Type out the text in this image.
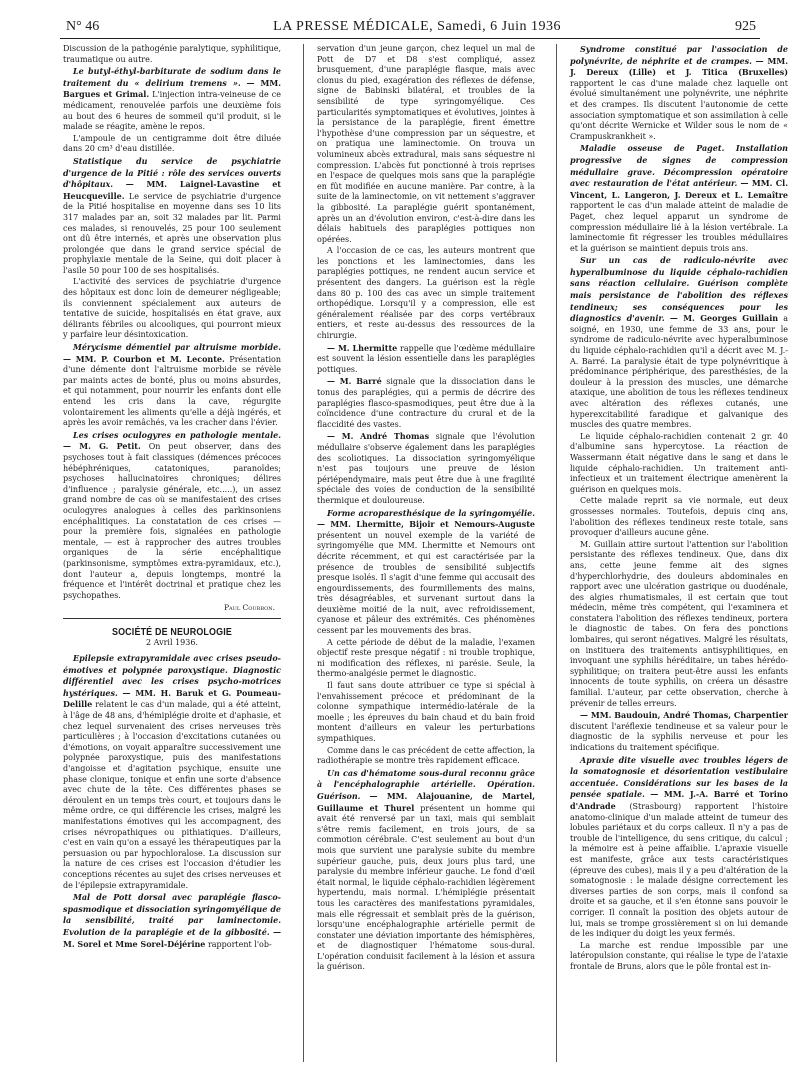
N° 46	LA PRESSE MÉDICALE, Samedi, 6 Juin 1936	925

Discussion de la pathogénie paralytique, syphilitique, traumatique ou autre.

Le butyl-éthyl-barbiturate de sodium dans le traitement du « delirium tremens ». — MM. Bargues et Grimal. L'injection intra-veineuse de ce médicament, renouvelée parfois une deuxième fois au bout des 6 heures de sommeil qu'il produit, si le malade se réagite, amène le repos.

L'ampoule de un centigramme doit être diluée dans 20 cm³ d'eau distillée.

Statistique du service de psychiatrie d'urgence de la Pitié : rôle des services ouverts d'hôpitaux. — MM. Laignel-Lavastine et Heucqueville. Le service de psychiatrie d'urgence de la Pitié hospitalise en moyenne dans ses 10 lits 317 malades par an, soit 32 malades par lit. Parmi ces malades, si renouvelés, 25 pour 100 seulement ont dû être internés, et après une observation plus prolongée que dans le grand service spécial de prophylaxie mentale de la Seine, qui doit placer à l'asile 50 pour 100 de ses hospitalisés.

L'activité des services de psychiatrie d'urgence des hôpitaux est donc loin de demeurer négligeable; ils conviennent spécialement aux auteurs de tentative de suicide, hospitalisés en état grave, aux délirants fébriles ou alcooliques, qui pourront mieux y parfaire leur désintoxication.

Mérycisme démentiel par altruisme morbide. — MM. P. Courbon et M. Leconte. Présentation d'une démente dont l'altruisme morbide se révèle par maints actes de bonté, plus ou moins absurdes, et qui notamment, pour nourrir les enfants dont elle entend les cris dans la cave, régurgite volontairement les aliments qu'elle a déjà ingérés, et après les avoir remâchés, va les cracher dans l'évier.

Les crises oculogyres en pathologie mentale. — M. G. Petit. On peut observer, dans des psychoses tout à fait classiques (démences précoces hébéphréniques, catatoniques, paranoïdes; psychoses hallucinatoires chroniques; délires d'influence ; paralysie générale, etc.....), un assez grand nombre de cas où se manifestaient des crises oculogyres analogues à celles des parkinsoniens encéphalitiques. La constatation de ces crises — pour la première fois, signalées en pathologie mentale, — est à rapprocher des autres troubles organiques de la série encéphalitique (parkinsonisme, symptômes extra-pyramidaux, etc.), dont l'auteur a, depuis longtemps, montré la fréquence et l'intérêt doctrinal et pratique chez les psychopathes.

Paul Courbon.
SOCIÉTÉ DE NEUROLOGIE
2 Avril 1936.

Epilepsie extrapyramidale avec crises pseudo-émotives et polypnée paroxystique. Diagnostic différentiel avec les crises psycho-motrices hystériques. — MM. H. Baruk et G. Poumeau-Delille relatent le cas d'un malade, qui a été atteint, à l'âge de 48 ans, d'hémiplégie droite et d'aphasie, et chez lequel survenaient des crises nerveuses très particulières ; à l'occasion d'excitations cutanées ou d'émotions, on voyait apparaître successivement une polypnée paroxystique, puis des manifestations d'angoisse et d'agitation psychique, ensuite une phase clonique, tonique et enfin une sorte d'absence avec chute de la tête. Ces différentes phases se déroulent en un temps très court, et toujours dans le même ordre, ce qui différencie les crises, malgré les manifestations émotives qui les accompagnent, des crises névropathiques ou pithiatiques. D'ailleurs, c'est en vain qu'on a essayé les thérapeutiques par la persuasion ou par hypochloralose. La discussion sur la nature de ces crises est l'occasion d'étudier les conceptions récentes au sujet des crises nerveuses et de l'épilepsie extrapyramidale.

Mal de Pott dorsal avec paraplégie flasco-spasmodique et dissociation syringomyélique de la sensibilité, traité par laminectomie. Evolution de la paraplégie et de la gibbosité. — M. Sorel et Mme Sorel-Déjérine rapportent l'ob-

servation d'un jeune garçon, chez lequel un mal de Pott de D7 et D8 s'est compliqué, assez brusquement, d'une paraplégie flasque, mais avec clonus du pied, exagération des réflexes de défense, signe de Babinski bilatéral, et troubles de la sensibilité de type syringomyélique. Ces particularités symptomatiques et évolutives, jointes à la persistance de la paraplégie, firent émettre l'hypothèse d'une compression par un séquestre, et on pratiqua une laminectomie. On trouva un volumineux abcès extradural, mais sans séquestre ni compression. L'abcès fut ponctionné à trois reprises en l'espace de quelques mois sans que la paraplégie en fût modifiée en aucune manière. Par contre, à la suite de la laminectomie, on vit nettement s'aggraver la gibbosité. La paraplégie guérit spontanément, après un an d'évolution environ, c'est-à-dire dans les délais habituels des paraplégies pottiques non opérées.

A l'occasion de ce cas, les auteurs montrent que les ponctions et les laminectomies, dans les paraplégies pottiques, ne rendent aucun service et présentent des dangers. La guérison est la règle dans 80 p. 100 des cas avec un simple traitement orthopédique. Lorsqu'il y a compression, elle est généralement réalisée par des corps vertébraux entiers, et reste au-dessus des ressources de la chirurgie.

— M. Lhermitte rappelle que l'œdème médullaire est souvent la lésion essentielle dans les paraplégies pottiques.

— M. Barré signale que la dissociation dans le tonus des paraplégies, qui a permis de décrire des paraplégies flasco-spasmodiques, peut être due à la coïncidence d'une contracture du crural et de la flaccidité des vastes.

— M. André Thomas signale que l'évolution médullaire s'observe également dans les paraplégies des scoliotiques. La dissociation syringomyélique n'est pas toujours une preuve de lésion périépendymaire, mais peut être due à une fragilité spéciale des voies de conduction de la sensibilité thermique et douloureuse.

Forme acroparesthésique de la syringomyélie. — MM. Lhermitte, Bijoir et Nemours-Auguste présentent un nouvel exemple de la variété de syringomyélie que MM. Lhermitte et Nemours ont décrite récemment, et qui est caractérisée par la présence de troubles de sensibilité subjectifs presque isolés. Il s'agit d'une femme qui accusait des engourdissements, des fourmillements des mains, très désagréables, et survenant surtout dans la deuxième moitié de la nuit, avec refroidissement, cyanose et pâleur des extrémités. Ces phénomènes cessent par les mouvements des bras.

A cette période de début de la maladie, l'examen objectif reste presque négatif : ni trouble trophique, ni modification des réflexes, ni parésie. Seule, la thermo-analgésie permet le diagnostic.

Il faut sans doute attribuer ce type si spécial à l'envahissement précoce et prédominant de la colonne sympathique intermédio-latérale de la moelle ; les épreuves du bain chaud et du bain froid montent d'ailleurs en valeur les perturbations sympathiques.

Comme dans le cas précédent de cette affection, la radiothérapie se montre très rapidement efficace.

Un cas d'hématome sous-dural reconnu grâce à l'encéphalographie artérielle. Opération. Guérison. — MM. Alajouanine, de Martel, Guillaume et Thurel présentent un homme qui avait été renversé par un taxi, mais qui semblait s'être remis facilement, en trois jours, de sa commotion cérébrale. C'est seulement au bout d'un mois que survient une paralysie subite du membre supérieur gauche, puis, deux jours plus tard, une paralysie du membre inférieur gauche. Le fond d'œil était normal, le liquide céphalo-rachidien légèrement hypertendu, mais normal. L'hémiplégie présentait tous les caractères des manifestations pyramidales, mais elle régressait et semblait près de la guérison, lorsqu'une encéphalographie artérielle permit de constater une déviation importante des hémisphères, et de diagnostiquer l'hématome sous-dural. L'opération conduisit facilement à la lésion et assura la guérison.

Syndrome constitué par l'association de polynévrite, de néphrite et de crampes. — MM. J. Dereux (Lille) et J. Titica (Bruxelles) rapportent le cas d'une malade chez laquelle ont évolué simultanément une polynévrite, une néphrite et des crampes. Ils discutent l'autonomie de cette association symptomatique et son assimilation à celle qu'ont décrite Wernicke et Wilder sous le nom de « Crampuskrankheit ».

Maladie osseuse de Paget. Installation progressive de signes de compression médullaire grave. Décompression opératoire avec restauration de l'état antérieur. — MM. Cl. Vincent, L. Langeron, J. Dereux et L. Lemaître rapportent le cas d'un malade atteint de maladie de Paget, chez lequel apparut un syndrome de compression médullaire lié à la lésion vertébrale. La laminectomie fit régresser les troubles médullaires et la guérison se maintient depuis trois ans.

Sur un cas de radiculo-névrite avec hyperalbuminose du liquide céphalo-rachidien sans réaction cellulaire. Guérison complète mais persistance de l'abolition des réflexes tendineux; ses conséquences pour les diagnostics d'avenir. — M. Georges Guillain a soigné, en 1930, une femme de 33 ans, pour le syndrome de radiculo-névrite avec hyperalbuminose du liquide céphalo-rachidien qu'il a décrit avec M. J.-A. Barré. La paralysie était de type polynévritique à prédominance périphérique, des paresthésies, de la douleur à la pression des muscles, une démarche ataxique, une abolition de tous les réflexes tendineux avec altération des réflexes cutanés, une hyperexcitabilité faradique et galvanique des muscles des quatre membres.

Le liquide céphalo-rachidien contenait 2 gr. 40 d'albumine sans hypercytose. La réaction de Wassermann était négative dans le sang et dans le liquide céphalo-rachidien. Un traitement anti-infectieux et un traitement électrique amenèrent la guérison en quelques mois.

Cette malade reprit sa vie normale, eut deux grossesses normales. Toutefois, depuis cinq ans, l'abolition des réflexes tendineux reste totale, sans provoquer d'ailleurs aucune gêne.

M. Guillain attire surtout l'attention sur l'abolition persistante des réflexes tendineux. Que, dans dix ans, cette jeune femme ait des signes d'hyperchlorhydrie, des douleurs abdominales en rapport avec une ulcération gastrique ou duodénale, des algies rhumatismales, il est certain que tout médecin, même très compétent, qui l'examinera et constatera l'abolition des réflexes tendineux, portera le diagnostic de tabes. On fera des ponctions lombaires, qui seront négatives. Malgré les résultats, on instituera des traitements antisyphilitiques, en invoquant une syphilis héréditaire, un tabes hérédo-syphilitique; on traitera peut-être aussi les enfants innocents de toute syphilis, on créera un désastre familial. L'auteur, par cette observation, cherche à prévenir de telles erreurs.

— MM. Baudouin, André Thomas, Charpentier discutent l'aréflexie tendineuse et sa valeur pour le diagnostic de la syphilis nerveuse et pour les indications du traitement spécifique.

Apraxie dite visuelle avec troubles légers de la somatognosie et désorientation vestibulaire accentuée. Considérations sur les bases de la pensée spatiale. — MM. J.-A. Barré et Torino d'Andrade (Strasbourg) rapportent l'histoire anatomo-clinique d'un malade atteint de tumeur des lobules pariétaux et du corps calleux. Il n'y a pas de trouble de l'intelligence, du sens critique, du calcul ; la mémoire est à peine affaiblie. L'apraxie visuelle est manifeste, grâce aux tests caractéristiques (épreuve des cubes), mais il y a peu d'altération de la somatognosie : le malade désigne correctement les diverses parties de son corps, mais il confond sa droite et sa gauche, et il s'en étonne sans pouvoir le corriger. Il connaît la position des objets autour de lui, mais se trompe grossièrement si on lui demande de les indiquer du doigt les yeux fermés.

La marche est rendue impossible par une latéropulsion constante, qui réalise le type de l'ataxie frontale de Bruns, alors que le pôle frontal est in-
